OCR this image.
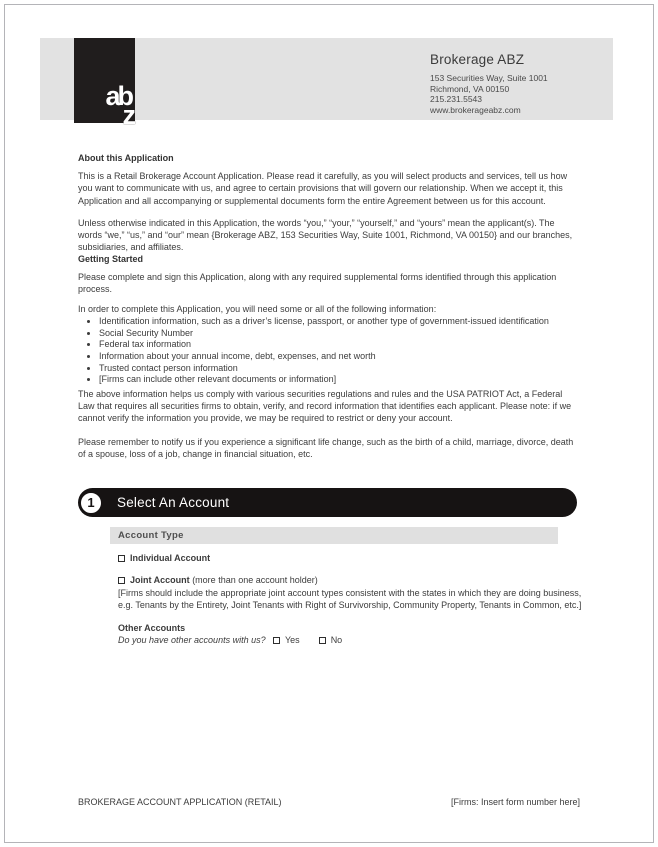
ab
z
Brokerage ABZ
153 Securities Way, Suite 1001
Richmond, VA 00150
215.231.5543
www.brokerageabz.com
About this Application

This is a Retail Brokerage Account Application. Please read it carefully, as you will select products and services, tell us how you want to communicate with us, and agree to certain provisions that will govern our relationship. When we accept it, this Application and all accompanying or supplemental documents form the entire Agreement between us for this account.

Unless otherwise indicated in this Application, the words “you,” “your,” “yourself,” and “yours” mean the applicant(s). The words “we,” “us,” and “our” mean {Brokerage ABZ, 153 Securities Way, Suite 1001, Richmond, VA 00150} and our branches, subsidiaries, and affiliates.

Getting Started

Please complete and sign this Application, along with any required supplemental forms identified through this application process.

In order to complete this Application, you will need some or all of the following information:

• Identification information, such as a driver’s license, passport, or another type of government-issued identification
• Social Security Number
• Federal tax information
• Information about your annual income, debt, expenses, and net worth
• Trusted contact person information
• [Firms can include other relevant documents or information]

The above information helps us comply with various securities regulations and rules and the USA PATRIOT Act, a Federal Law that requires all securities firms to obtain, verify, and record information that identifies each applicant. Please note: if we cannot verify the information you provide, we may be required to restrict or deny your account.

Please remember to notify us if you experience a significant life change, such as the birth of a child, marriage, divorce, death of a spouse, loss of a job, change in financial situation, etc.

1	Select An Account
Account Type
Individual Account
Joint Account (more than one account holder)
[Firms should include the appropriate joint account types consistent with the states in which they are doing business, e.g. Tenants by the Entirety, Joint Tenants with Right of Survivorship, Community Property, Tenants in Common, etc.]
Other Accounts
Do you have other accounts with us? Yes	No
BROKERAGE ACCOUNT APPLICATION (RETAIL)	[Firms: Insert form number here]
